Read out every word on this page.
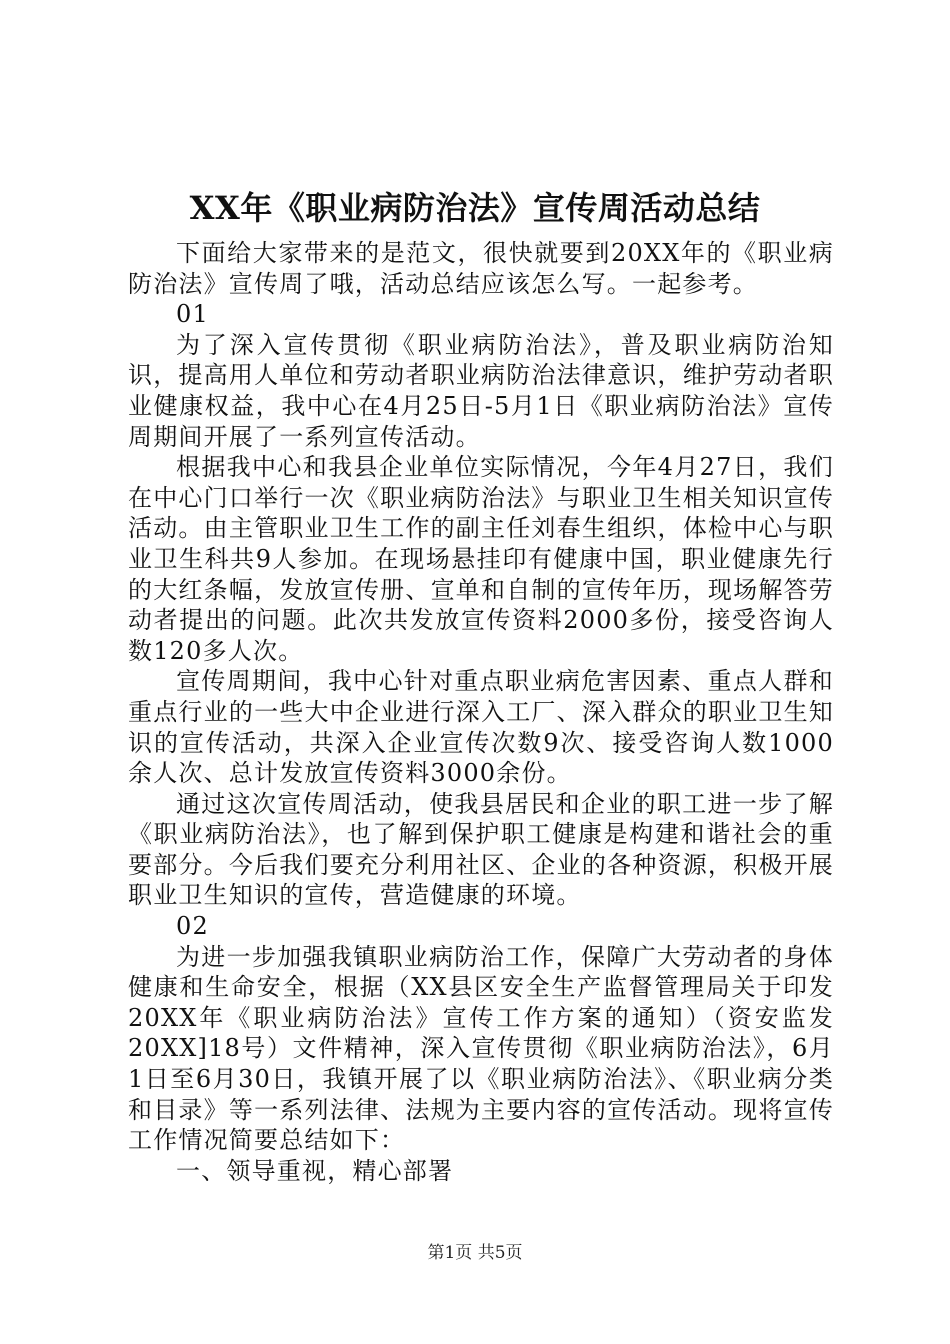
XX年《职业病防治法》宣传周活动总结

下面给大家带来的是范文，很快就要到20XX年的《职业病防治法》宣传周了哦，活动总结应该怎么写。一起参考。

01

为了深入宣传贯彻《职业病防治法》，普及职业病防治知识，提高用人单位和劳动者职业病防治法律意识，维护劳动者职业健康权益，我中心在4月25日-5月1日《职业病防治法》宣传周期间开展了一系列宣传活动。

根据我中心和我县企业单位实际情况，今年4月27日，我们在中心门口举行一次《职业病防治法》与职业卫生相关知识宣传活动。由主管职业卫生工作的副主任刘春生组织，体检中心与职业卫生科共9人参加。在现场悬挂印有健康中国，职业健康先行的大红条幅，发放宣传册、宣单和自制的宣传年历，现场解答劳动者提出的问题。此次共发放宣传资料2000多份，接受咨询人数120多人次。

宣传周期间，我中心针对重点职业病危害因素、重点人群和重点行业的一些大中企业进行深入工厂、深入群众的职业卫生知识的宣传活动，共深入企业宣传次数9次、接受咨询人数1000余人次、总计发放宣传资料3000余份。

通过这次宣传周活动，使我县居民和企业的职工进一步了解《职业病防治法》，也了解到保护职工健康是构建和谐社会的重要部分。今后我们要充分利用社区、企业的各种资源，积极开展职业卫生知识的宣传，营造健康的环境。

02

为进一步加强我镇职业病防治工作，保障广大劳动者的身体健康和生命安全，根据（XX县区安全生产监督管理局关于印发20XX年《职业病防治法》宣传工作方案的通知）（资安监发20XX]18号）文件精神，深入宣传贯彻《职业病防治法》，6月1日至6月30日，我镇开展了以《职业病防治法》、《职业病分类和目录》等一系列法律、法规为主要内容的宣传活动。现将宣传工作情况简要总结如下：

一、领导重视，精心部署

第1页 共5页
